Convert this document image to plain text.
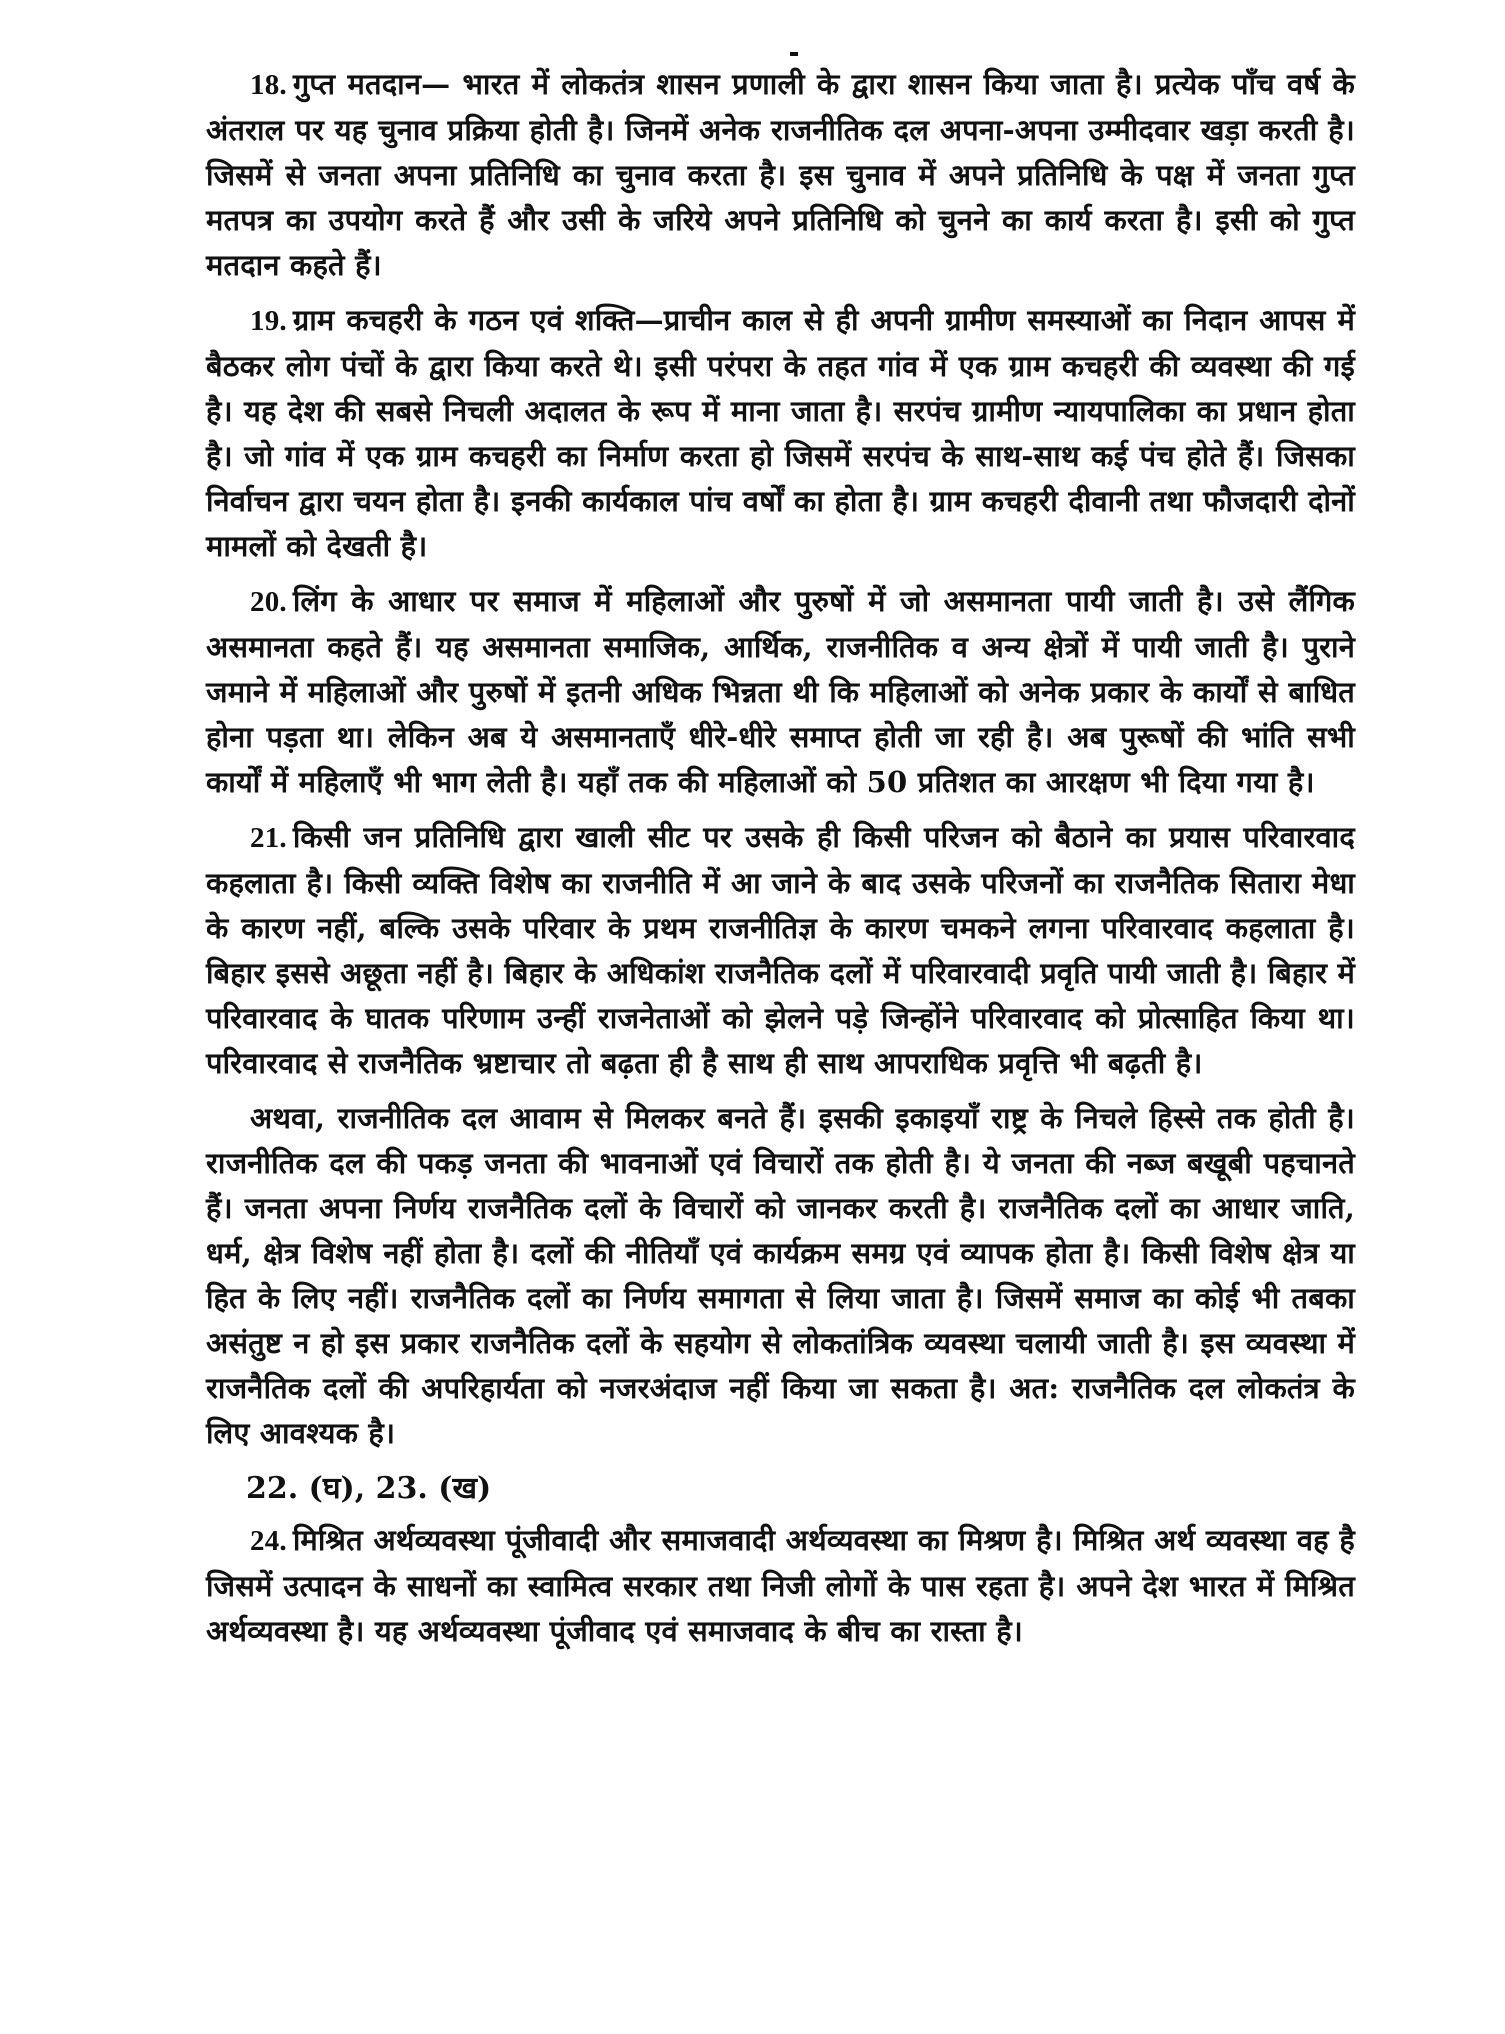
18. गुप्त मतदान— भारत में लोकतंत्र शासन प्रणाली के द्वारा शासन किया जाता है। प्रत्येक पाँच वर्ष के अंतराल पर यह चुनाव प्रक्रिया होती है। जिनमें अनेक राजनीतिक दल अपना-अपना उम्मीदवार खड़ा करती है। जिसमें से जनता अपना प्रतिनिधि का चुनाव करता है। इस चुनाव में अपने प्रतिनिधि के पक्ष में जनता गुप्त मतपत्र का उपयोग करते हैं और उसी के जरिये अपने प्रतिनिधि को चुनने का कार्य करता है। इसी को गुप्त मतदान कहते हैं।

19. ग्राम कचहरी के गठन एवं शक्ति—प्राचीन काल से ही अपनी ग्रामीण समस्याओं का निदान आपस में बैठकर लोग पंचों के द्वारा किया करते थे। इसी परंपरा के तहत गांव में एक ग्राम कचहरी की व्यवस्था की गई है। यह देश की सबसे निचली अदालत के रूप में माना जाता है। सरपंच ग्रामीण न्यायपालिका का प्रधान होता है। जो गांव में एक ग्राम कचहरी का निर्माण करता हो जिसमें सरपंच के साथ-साथ कई पंच होते हैं। जिसका निर्वाचन द्वारा चयन होता है। इनकी कार्यकाल पांच वर्षों का होता है। ग्राम कचहरी दीवानी तथा फौजदारी दोनों मामलों को देखती है।

20. लिंग के आधार पर समाज में महिलाओं और पुरुषों में जो असमानता पायी जाती है। उसे लैंगिक असमानता कहते हैं। यह असमानता समाजिक, आर्थिक, राजनीतिक व अन्य क्षेत्रों में पायी जाती है। पुराने जमाने में महिलाओं और पुरुषों में इतनी अधिक भिन्नता थी कि महिलाओं को अनेक प्रकार के कार्यों से बाधित होना पड़ता था। लेकिन अब ये असमानताएँ धीरे-धीरे समाप्त होती जा रही है। अब पुरूषों की भांति सभी कार्यों में महिलाएँ भी भाग लेती है। यहाँ तक की महिलाओं को 50 प्रतिशत का आरक्षण भी दिया गया है।

21. किसी जन प्रतिनिधि द्वारा खाली सीट पर उसके ही किसी परिजन को बैठाने का प्रयास परिवारवाद कहलाता है। किसी व्यक्ति विशेष का राजनीति में आ जाने के बाद उसके परिजनों का राजनैतिक सितारा मेधा के कारण नहीं, बल्कि उसके परिवार के प्रथम राजनीतिज्ञ के कारण चमकने लगना परिवारवाद कहलाता है। बिहार इससे अछूता नहीं है। बिहार के अधिकांश राजनैतिक दलों में परिवारवादी प्रवृति पायी जाती है। बिहार में परिवारवाद के घातक परिणाम उन्हीं राजनेताओं को झेलने पड़े जिन्होंने परिवारवाद को प्रोत्साहित किया था। परिवारवाद से राजनैतिक भ्रष्टाचार तो बढ़ता ही है साथ ही साथ आपराधिक प्रवृत्ति भी बढ़ती है।

अथवा, राजनीतिक दल आवाम से मिलकर बनते हैं। इसकी इकाइयाँ राष्ट्र के निचले हिस्से तक होती है। राजनीतिक दल की पकड़ जनता की भावनाओं एवं विचारों तक होती है। ये जनता की नब्ज बखूबी पहचानते हैं। जनता अपना निर्णय राजनैतिक दलों के विचारों को जानकर करती है। राजनैतिक दलों का आधार जाति, धर्म, क्षेत्र विशेष नहीं होता है। दलों की नीतियाँ एवं कार्यक्रम समग्र एवं व्यापक होता है। किसी विशेष क्षेत्र या हित के लिए नहीं। राजनैतिक दलों का निर्णय समागता से लिया जाता है। जिसमें समाज का कोई भी तबका असंतुष्ट न हो इस प्रकार राजनैतिक दलों के सहयोग से लोकतांत्रिक व्यवस्था चलायी जाती है। इस व्यवस्था में राजनैतिक दलों की अपरिहार्यता को नजरअंदाज नहीं किया जा सकता है। अत: राजनैतिक दल लोकतंत्र के लिए आवश्यक है।

22. (घ), 23. (ख)

24. मिश्रित अर्थव्यवस्था पूंजीवादी और समाजवादी अर्थव्यवस्था का मिश्रण है। मिश्रित अर्थ व्यवस्था वह है जिसमें उत्पादन के साधनों का स्वामित्व सरकार तथा निजी लोगों के पास रहता है। अपने देश भारत में मिश्रित अर्थव्यवस्था है। यह अर्थव्यवस्था पूंजीवाद एवं समाजवाद के बीच का रास्ता है।
